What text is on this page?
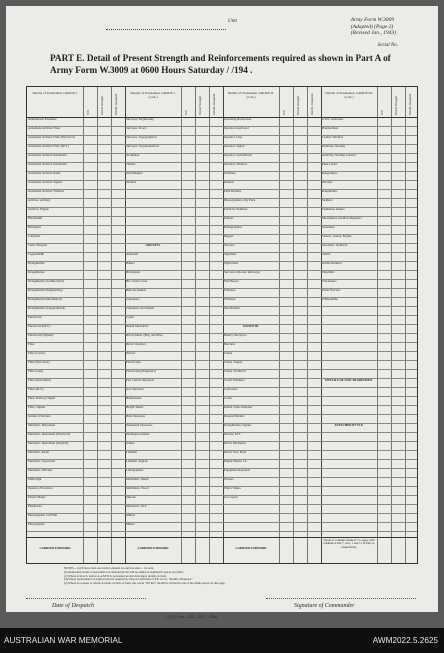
Unit	Army Form W.3009
(Adapted) (Page 2)
(Revised Jan., 1943)
Serial No.
PART E. Detail of Present Strength and Reinforcements required as shown in Part A of Army Form W.3009 at 0600 Hours Saturday / /194 .
Details of Tradesmen. GROUP I.
W.E.	Posted Strength.	Reinfts. Required.
Ammunition Examiner
Armament Artificer Fitter
Armament Artificer Fitter (Electrical)
Armament Artificer Fitter (M.T.)
Armament Artificer Instrument
Armament Artificer Instrument
Armament Artificer Radio
Armament Artificer Signals
Armament Artificer Wireless
Artificer, Artillery
Artificer, Engine
Blacksmith
Bricklayer
Carpenter
Clerk, Hospital
Coppersmith
Draughtsman
Draughtsman
Draughtsman (Architectural)
Draughtsman (Engineering)
Draughtsman (Mechanical)
Draughtsman (Topographical)
Electrician
Electrician (M.V.)
Electrician (Signals)
Fitter
Fitter (Cycle)
Fitter (Electrical)
Fitter (Gun)
Fitter (Instrument)
Fitter (M.V.)
Fitter, Railway Signal
Fitter, Signals
Grinder, Precision
Mechanic, Instrument
Mechanic, Instrument (Electrical)
Mechanic, Instrument (Surgical)
Mechanic, Radio
Mechanic, Typewriter
Mechanic, Wireless
Millwright
Operator, Excavator
Pattern Maker
Pharmacist
Photographer, Cut Film
Photographer
CARRIED FORWARD
Details of Tradesmen. GROUP I. (cont.)
W.E.	Posted Strength.	Reinfts. Required.
Surveyor, Engineering
Surveyor, R.A.S.
Surveyor, Topographical
Surveyor, Trigonometrical
Toolmaker
Turners
Watchmakers
Welders
GROUP II.
Armourer
Bakers
Bricklayers
Blt. Cutter's Asst.
Bellows-makers
Carpenters
Carpenters and Joiners
Cooks
Dental Mechanics
Driver-Mech. (Eng. and Mar.)
Driver Operator
Drivers
Electricians
Electricians (Engineers)
Fire Control Operators
Gas Operators
Hairdressers
Height Takers
Hide Operators
Instrument Operators
Intelligence Duties
Joiners
Linemen
Linemen, Signals
Lithographers
Machinists, Metal
Machinists, Wood
Masons
Mechanics, M.T.
Millers
Miners
CARRIED FORWARD
Details of Tradesmen. GROUP II. (cont.)
W.E.	Posted Strength.	Reinfts. Required.
Operating Room Asst.
Operator, Keyboard
Operator, Line
Operator, Signal
Operator, Switchboard
Operator, Wireless
Orderlies
Painters
Plant Readers
Photographers, Dry Plate
Predictor Numbers
Printers
Radiographers
Riggers
Sawyers
Signallers
Signwriters
Surveyors (Roads, Railways)
Well Borers
Wheelers
Wiremen
Woodturners
GROUP III.
Battery Surveyors
Butchers
Clerks
Clerks, Supply
Clerks, Technical
Coach Trimmers
Concreters
Cooks
Dental Clerk Orderlies
Despatch Riders
Draughtsmen, Signals
Drivers, M.T.
Driver Mechanics
Driver Tpts, Plant
Engine Hands, I.C.
Equipment Repairers
Farriers
Fitters' Mates
Gas Layers
CARRIED FORWARD
Details of Tradesmen. GROUP III. (cont.)
W.E.	Posted Strength.	Reinfts. Required.
G.P.O. Assistants
Hammermen
Leather Stitchers
Orderlies, Nursing
Orderlies, Nursing General
Plate Layers
Rangetakers
Riveters
Roughriders
Saddlers
Saddletree makers
Shoemakers and Boot Repairers
Stonemen
Stokers, Gantry, Engine
Storemen, Technical
Tailors
Textile Refiners
Tinsmiths
Vulcanisers
Water Erectors
Whitesmiths
DETAILS OF NON-TRADESMEN.
ATTACHED BY W.E.
Totals of columns marked * to agree with columns 4 and 7, sect. 1 and 11 of Part A, respectively.
NOTES.—(a) If more than one term is entered on one line enter ... in each.
(b) Authorised trades or specialists not included in list will be added as required in spaces provided.
(c) Where A.W.A.S. and/or A.A.M.W.S. personnel are involved show details on back.
(d) Where replacement of trades posted is required by those in sufficient of P.E. in col. "Reinfts. Required."
(e) Where no request or reinfts is made on back of form, the words "Nil Ret" should be written in one of the blank spaces on this page.
Date of Despatch	Signature of Commander
L.H.Q. Press—433—30/45—120m.
AUSTRALIAN WAR MEMORIAL	AWM2022.5.2625
